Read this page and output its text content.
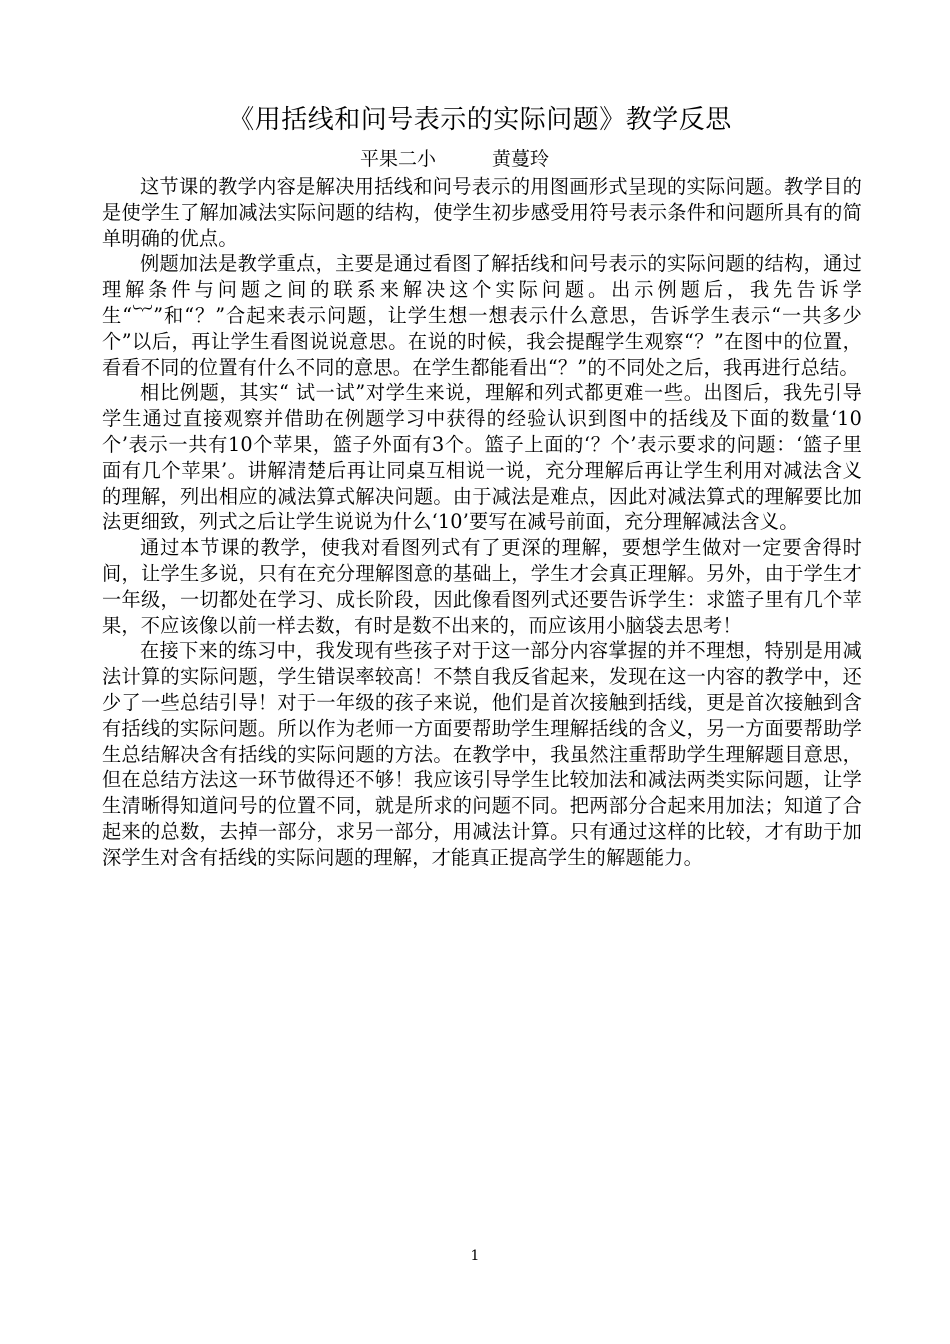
《用括线和问号表示的实际问题》教学反思
平果二小	黄蔓玲

这节课的教学内容是解决用括线和问号表示的用图画形式呈现的实际问题。教学目的是使学生了解加减法实际问题的结构，使学生初步感受用符号表示条件和问题所具有的简单明确的优点。

例题加法是教学重点，主要是通过看图了解括线和问号表示的实际问题的结构，通过理解条件与问题之间的联系来解决这个实际问题。出示例题后，我先告诉学生“︸”和“？”合起来表示问题，让学生想一想表示什么意思，告诉学生表示“一共多少个”以后，再让学生看图说说意思。在说的时候，我会提醒学生观察“？”在图中的位置，看看不同的位置有什么不同的意思。在学生都能看出“？”的不同处之后，我再进行总结。

相比例题，其实“ 试一试”对学生来说，理解和列式都更难一些。出图后，我先引导学生通过直接观察并借助在例题学习中获得的经验认识到图中的括线及下面的数量‘10个’表示一共有10个苹果，篮子外面有3个。篮子上面的‘？个’表示要求的问题：‘篮子里面有几个苹果’。讲解清楚后再让同桌互相说一说，充分理解后再让学生利用对减法含义的理解，列出相应的减法算式解决问题。由于减法是难点，因此对减法算式的理解要比加法更细致，列式之后让学生说说为什么‘10’要写在减号前面，充分理解减法含义。

通过本节课的教学，使我对看图列式有了更深的理解，要想学生做对一定要舍得时间，让学生多说，只有在充分理解图意的基础上，学生才会真正理解。另外，由于学生才一年级，一切都处在学习、成长阶段，因此像看图列式还要告诉学生：求篮子里有几个苹果，不应该像以前一样去数，有时是数不出来的，而应该用小脑袋去思考！

在接下来的练习中，我发现有些孩子对于这一部分内容掌握的并不理想，特别是用减法计算的实际问题，学生错误率较高！不禁自我反省起来，发现在这一内容的教学中，还少了一些总结引导！对于一年级的孩子来说，他们是首次接触到括线，更是首次接触到含有括线的实际问题。所以作为老师一方面要帮助学生理解括线的含义，另一方面要帮助学生总结解决含有括线的实际问题的方法。在教学中，我虽然注重帮助学生理解题目意思，但在总结方法这一环节做得还不够！我应该引导学生比较加法和减法两类实际问题，让学生清晰得知道问号的位置不同，就是所求的问题不同。把两部分合起来用加法；知道了合起来的总数，去掉一部分，求另一部分，用减法计算。只有通过这样的比较，才有助于加深学生对含有括线的实际问题的理解，才能真正提高学生的解题能力。

1
